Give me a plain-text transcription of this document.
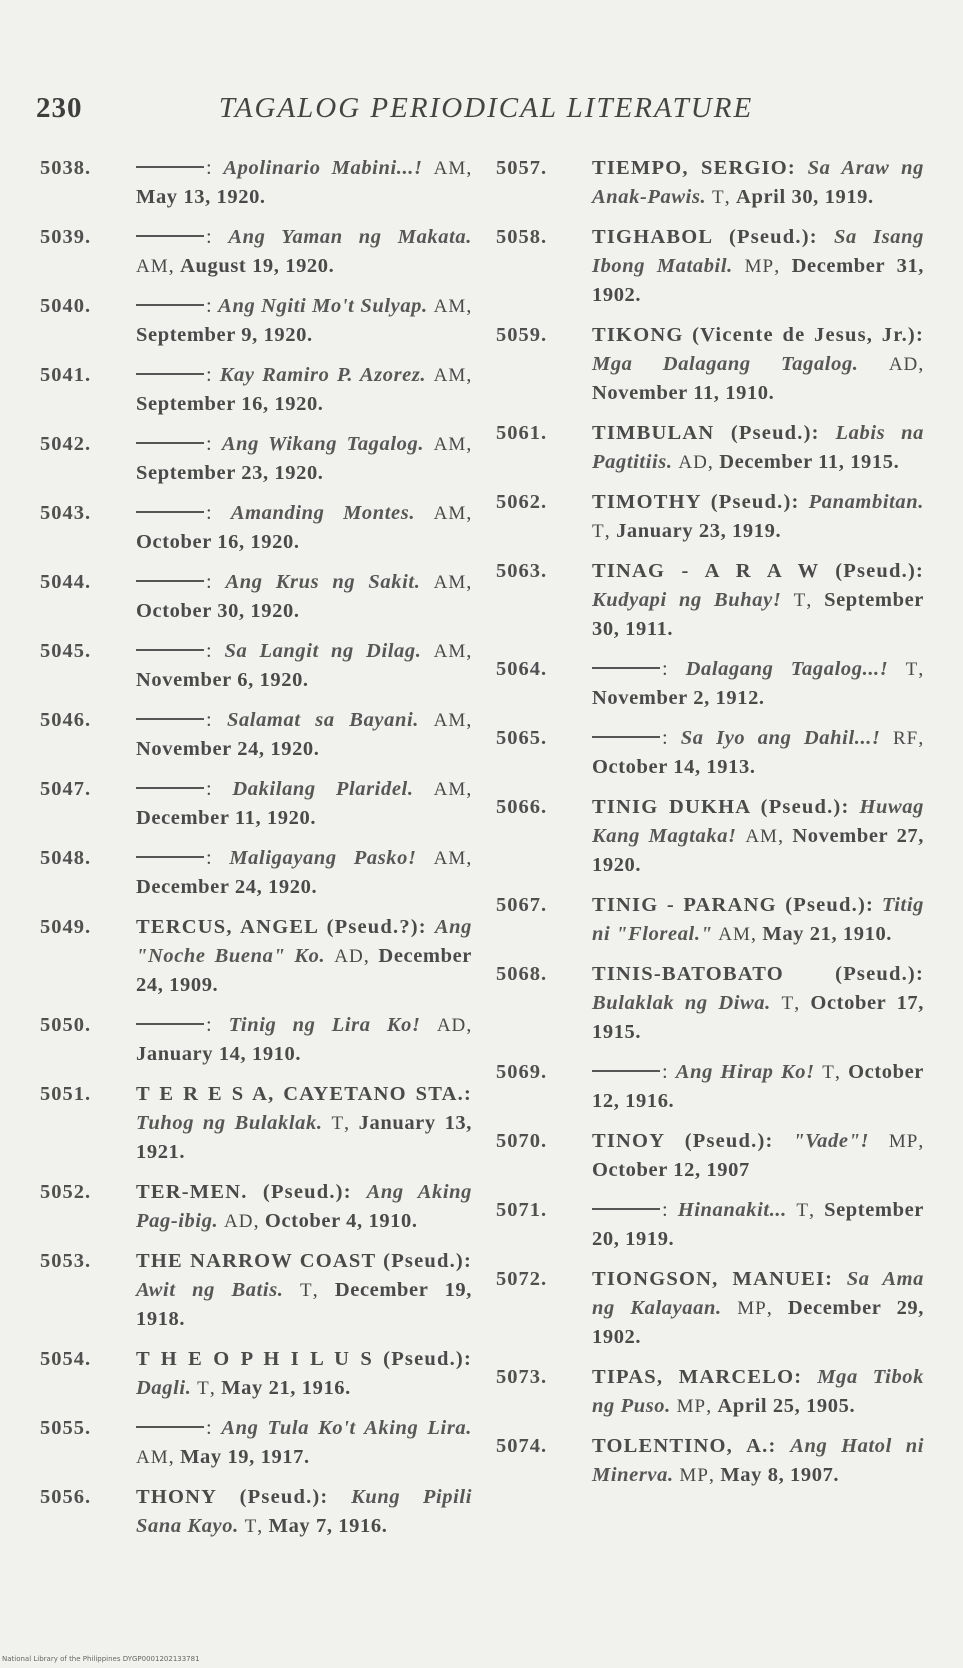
230	TAGALOG PERIODICAL LITERATURE
5038.	: Apolinario Mabini...! AM, May 13, 1920.
5039.	: Ang Yaman ng Makata. AM, August 19, 1920.
5040.	: Ang Ngiti Mo't Sulyap. AM, September 9, 1920.
5041.	: Kay Ramiro P. Azorez. AM, September 16, 1920.
5042.	: Ang Wikang Tagalog. AM, September 23, 1920.
5043.	: Amanding Montes. AM, October 16, 1920.
5044.	: Ang Krus ng Sakit. AM, October 30, 1920.
5045.	: Sa Langit ng Dilag. AM, November 6, 1920.
5046.	: Salamat sa Bayani. AM, November 24, 1920.
5047.	: Dakilang Plaridel. AM, December 11, 1920.
5048.	: Maligayang Pasko! AM, December 24, 1920.
5049.	TERCUS, ANGEL (Pseud.?): Ang "Noche Buena" Ko. AD, December 24, 1909.
5050.	: Tinig ng Lira Ko! AD, January 14, 1910.
5051.	T E R E S A, CAYETANO STA.: Tuhog ng Bulaklak. T, January 13, 1921.
5052.	TER-MEN. (Pseud.): Ang Aking Pag-ibig. AD, October 4, 1910.
5053.	THE NARROW COAST (Pseud.): Awit ng Batis. T, December 19, 1918.
5054.	T H E O P H I L U S (Pseud.): Dagli. T, May 21, 1916.
5055.	: Ang Tula Ko't Aking Lira. AM, May 19, 1917.
5056.	THONY (Pseud.): Kung Pipili Sana Kayo. T, May 7, 1916.
5057.	TIEMPO, SERGIO: Sa Araw ng Anak-Pawis. T, April 30, 1919.
5058.	TIGHABOL (Pseud.): Sa Isang Ibong Matabil. MP, December 31, 1902.
5059.	TIKONG (Vicente de Jesus, Jr.): Mga Dalagang Tagalog. AD, November 11, 1910.
5061.	TIMBULAN (Pseud.): Labis na Pagtitiis. AD, December 11, 1915.
5062.	TIMOTHY (Pseud.): Panambitan. T, January 23, 1919.
5063.	TINAG - A R A W (Pseud.): Kudyapi ng Buhay! T, September 30, 1911.
5064.	: Dalagang Tagalog...! T, November 2, 1912.
5065.	: Sa Iyo ang Dahil...! RF, October 14, 1913.
5066.	TINIG DUKHA (Pseud.): Huwag Kang Magtaka! AM, November 27, 1920.
5067.	TINIG - PARANG (Pseud.): Titig ni "Floreal." AM, May 21, 1910.
5068.	TINIS-BATOBATO (Pseud.): Bulaklak ng Diwa. T, October 17, 1915.
5069.	: Ang Hirap Ko! T, October 12, 1916.
5070.	TINOY (Pseud.): "Vade"! MP, October 12, 1907
5071.	: Hinanakit... T, September 20, 1919.
5072.	TIONGSON, MANUEI: Sa Ama ng Kalayaan. MP, December 29, 1902.
5073.	TIPAS, MARCELO: Mga Tibok ng Puso. MP, April 25, 1905.
5074.	TOLENTINO, A.: Ang Hatol ni Minerva. MP, May 8, 1907.
National Library of the Philippines DYGP0001202133781
